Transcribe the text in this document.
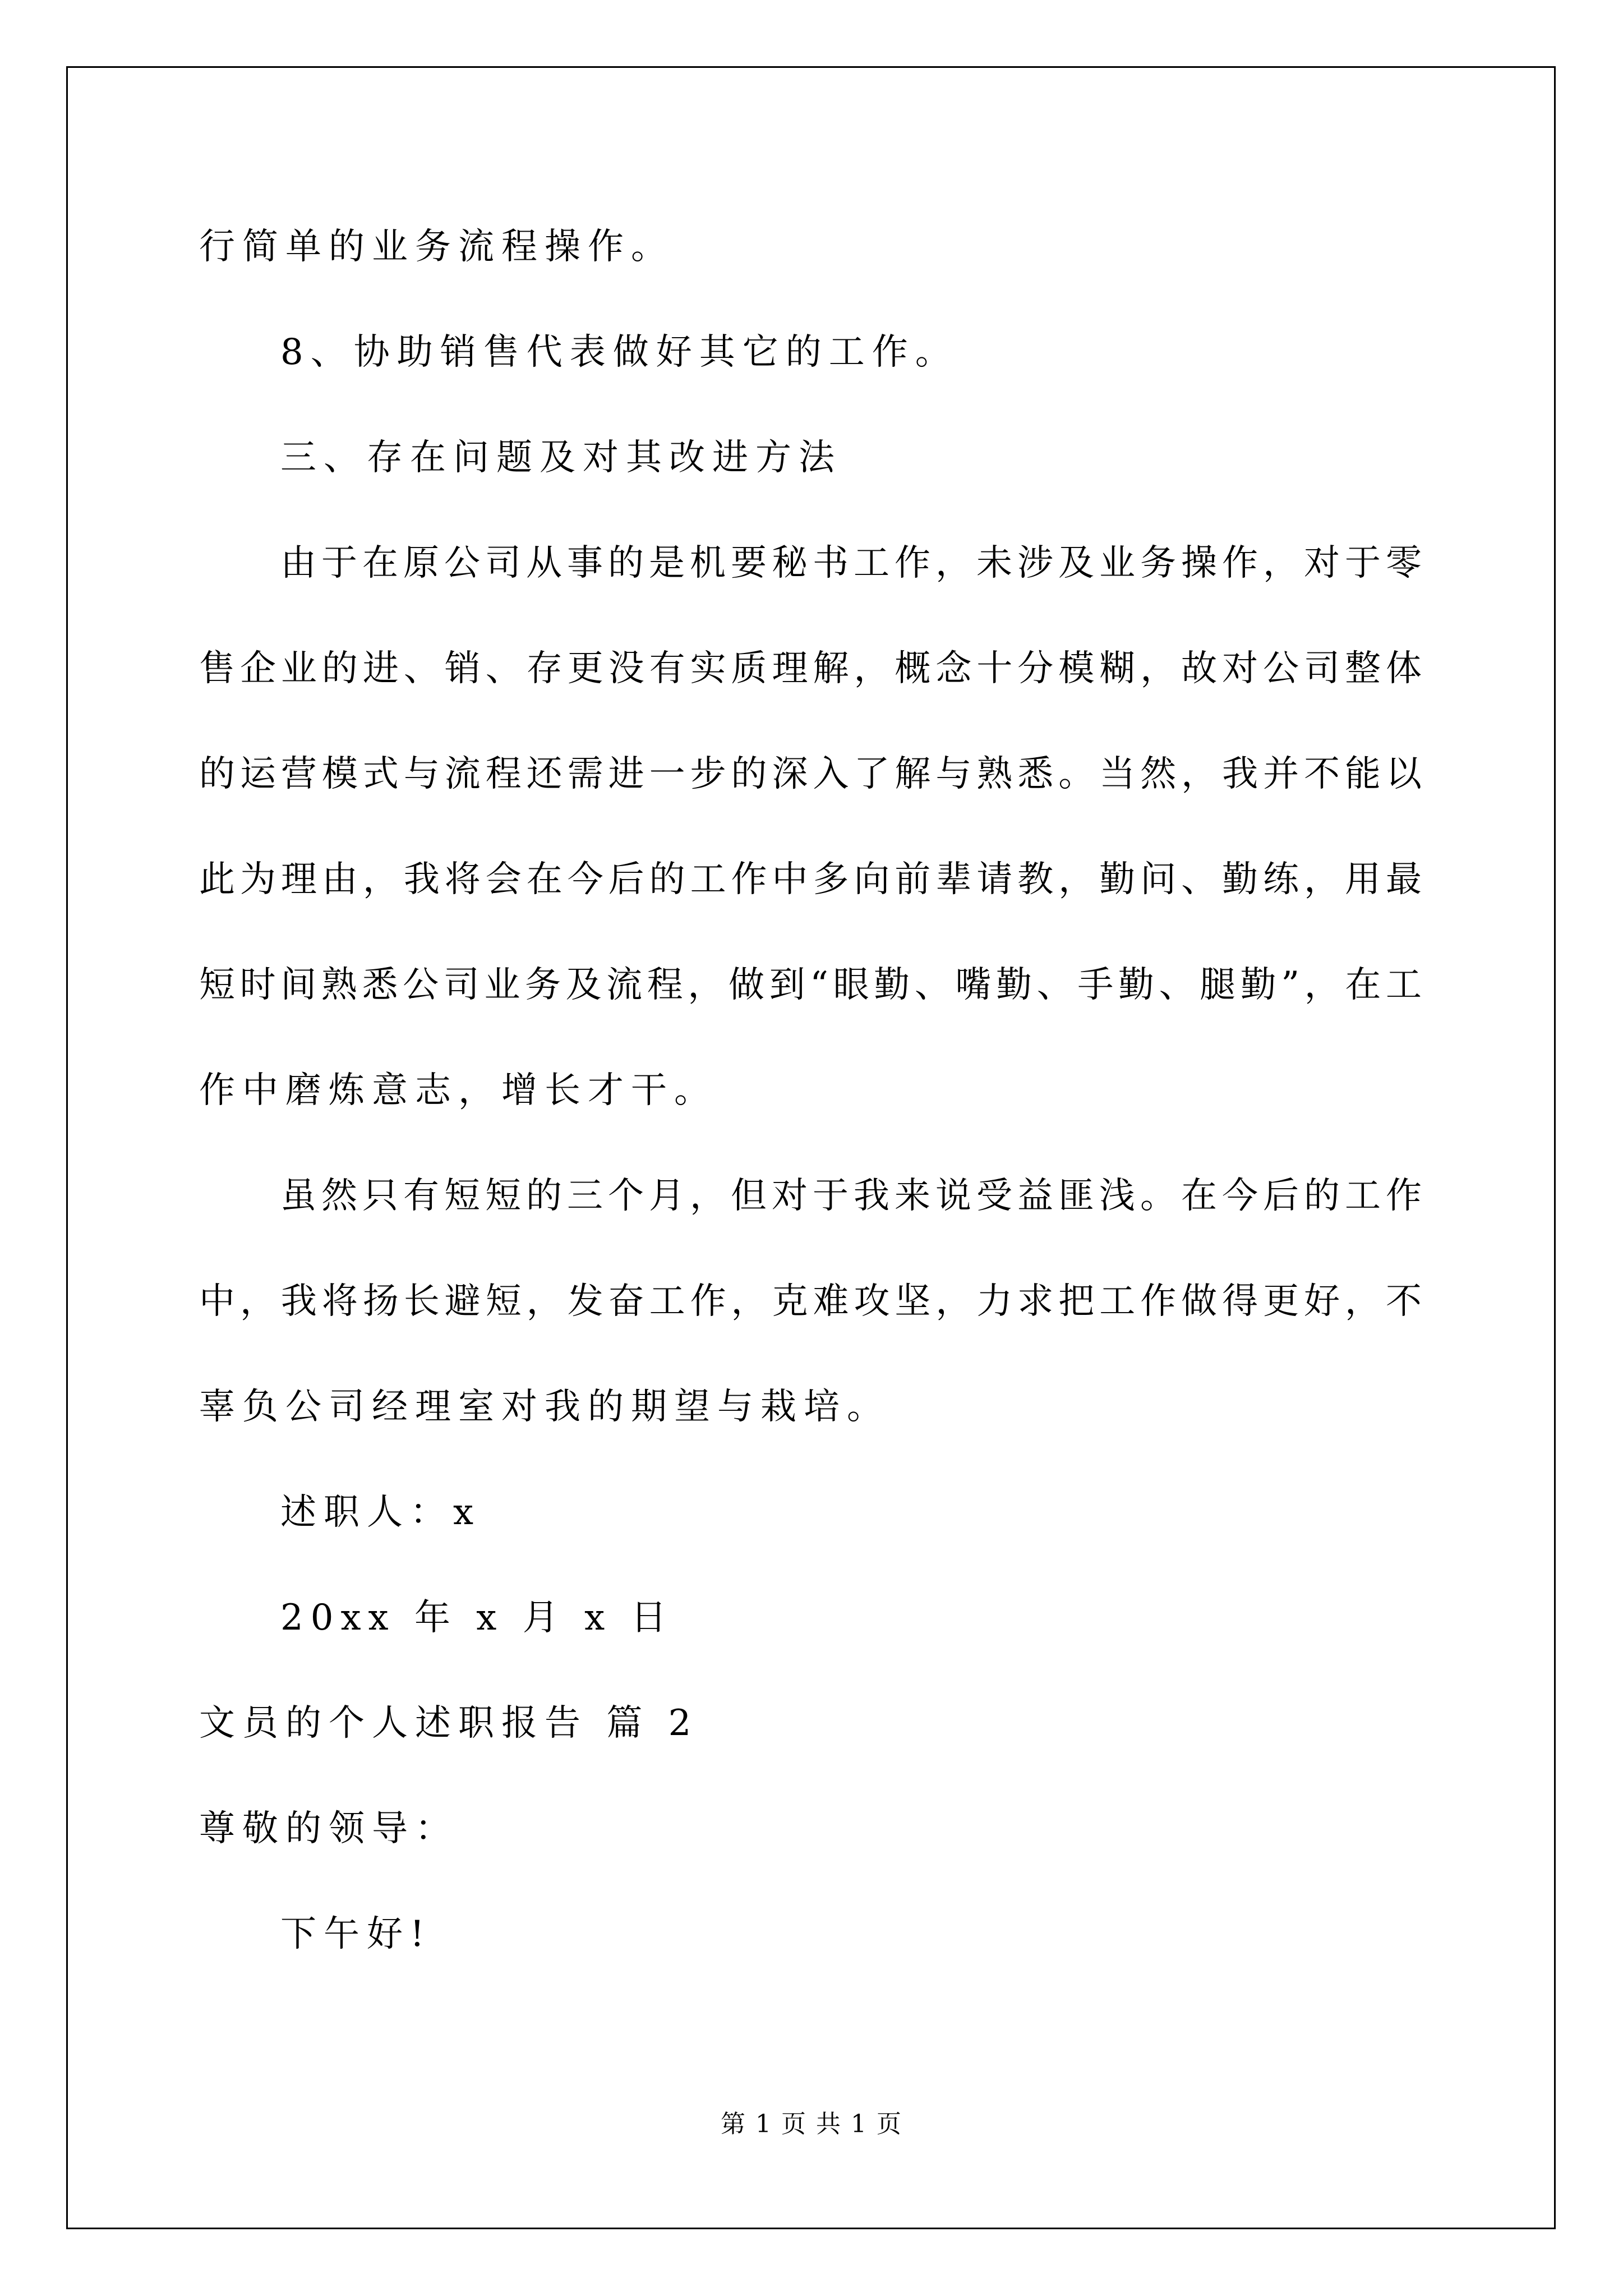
行简单的业务流程操作。
8、协助销售代表做好其它的工作。
三、存在问题及对其改进方法
由于在原公司从事的是机要秘书工作，未涉及业务操作，对于零
售企业的进、销、存更没有实质理解，概念十分模糊，故对公司整体
的运营模式与流程还需进一步的深入了解与熟悉。当然，我并不能以
此为理由，我将会在今后的工作中多向前辈请教，勤问、勤练，用最
短时间熟悉公司业务及流程，做到“眼勤、嘴勤、手勤、腿勤”，在工
作中磨炼意志，增长才干。
虽然只有短短的三个月，但对于我来说受益匪浅。在今后的工作
中，我将扬长避短，发奋工作，克难攻坚，力求把工作做得更好，不
辜负公司经理室对我的期望与栽培。
述职人：x
20xx 年 x 月 x 日
文员的个人述职报告 篇 2
尊敬的领导：
下午好!
第 1 页 共 1 页
